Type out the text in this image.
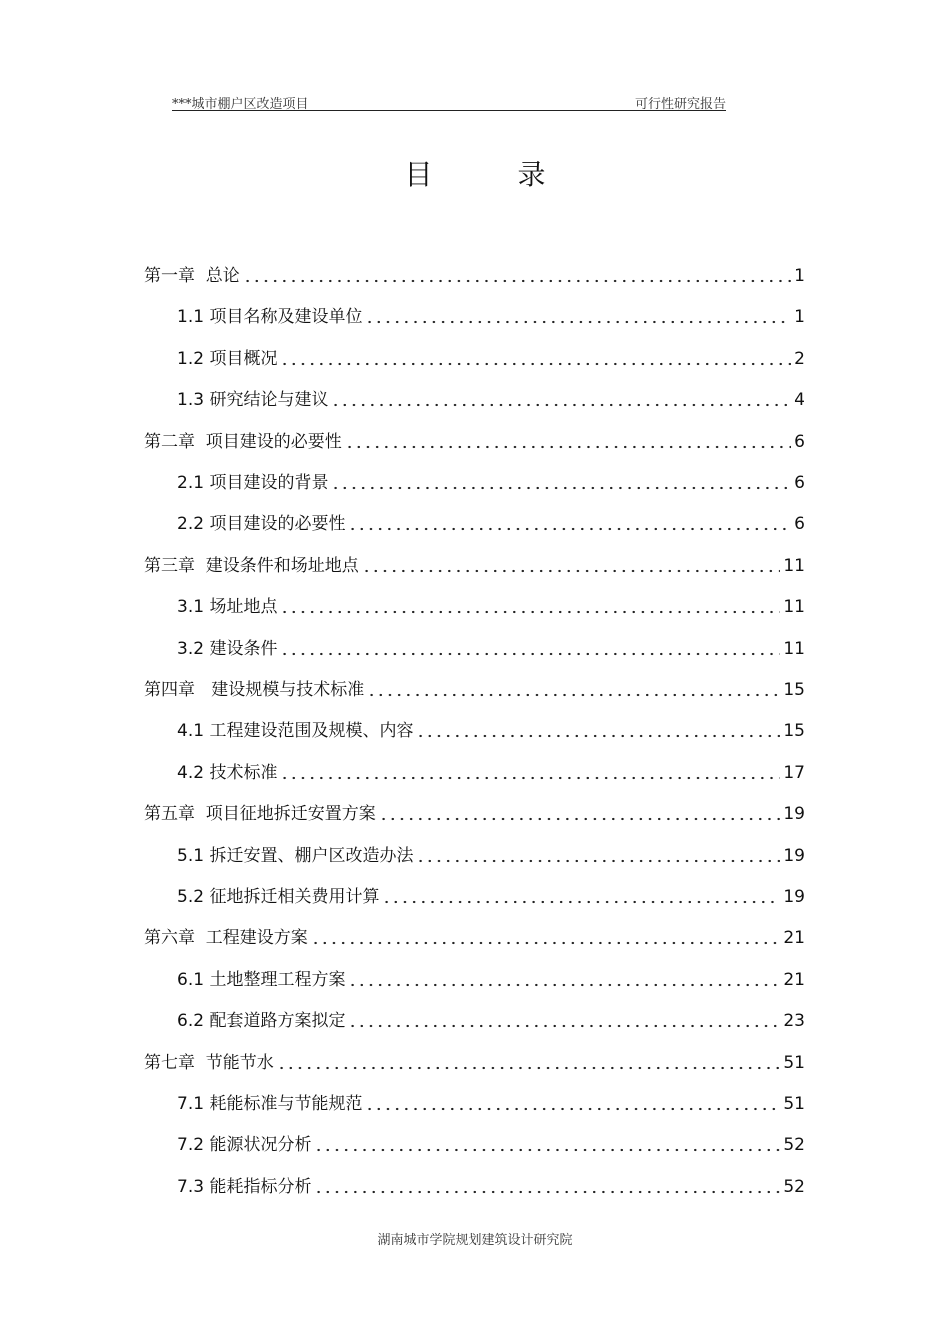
***城市棚户区改造项目	可行性研究报告
目 录
第一章  总论	1
1.1 项目名称及建设单位	1
1.2 项目概况	2
1.3 研究结论与建议	4
第二章  项目建设的必要性	6
2.1 项目建设的背景	6
2.2 项目建设的必要性	6
第三章  建设条件和场址地点	11
3.1 场址地点	11
3.2 建设条件	11
第四章   建设规模与技术标准	15
4.1 工程建设范围及规模、内容	15
4.2 技术标准	17
第五章  项目征地拆迁安置方案	19
5.1 拆迁安置、棚户区改造办法	19
5.2 征地拆迁相关费用计算	19
第六章  工程建设方案	21
6.1 土地整理工程方案	21
6.2 配套道路方案拟定	23
第七章  节能节水	51
7.1 耗能标准与节能规范	51
7.2 能源状况分析	52
7.3 能耗指标分析	52
湖南城市学院规划建筑设计研究院
